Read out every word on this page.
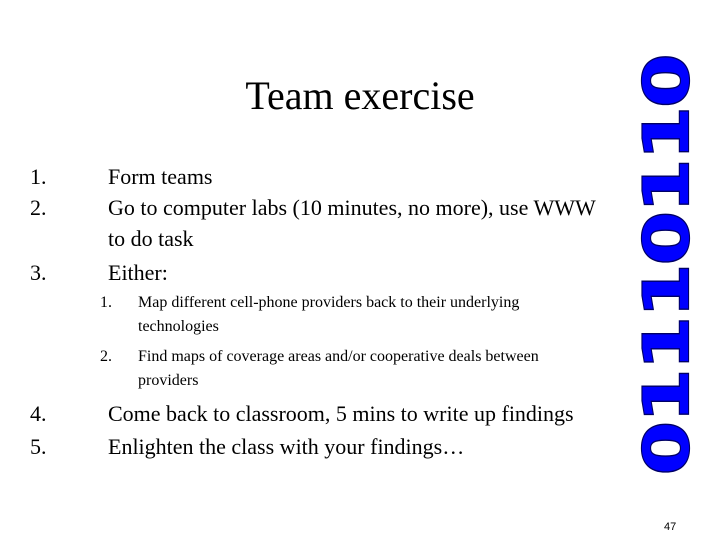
Team exercise
1.	Form teams
2.	Go to computer labs (10 minutes, no more), use WWW
to do task
3.	Either:
1.	Map different cell-phone providers back to their underlying
technologies
2.	Find maps of coverage areas and/or cooperative deals between
providers
4.	Come back to classroom, 5 mins to write up findings
5.	Enlighten the class with your findings…	01110110
47
